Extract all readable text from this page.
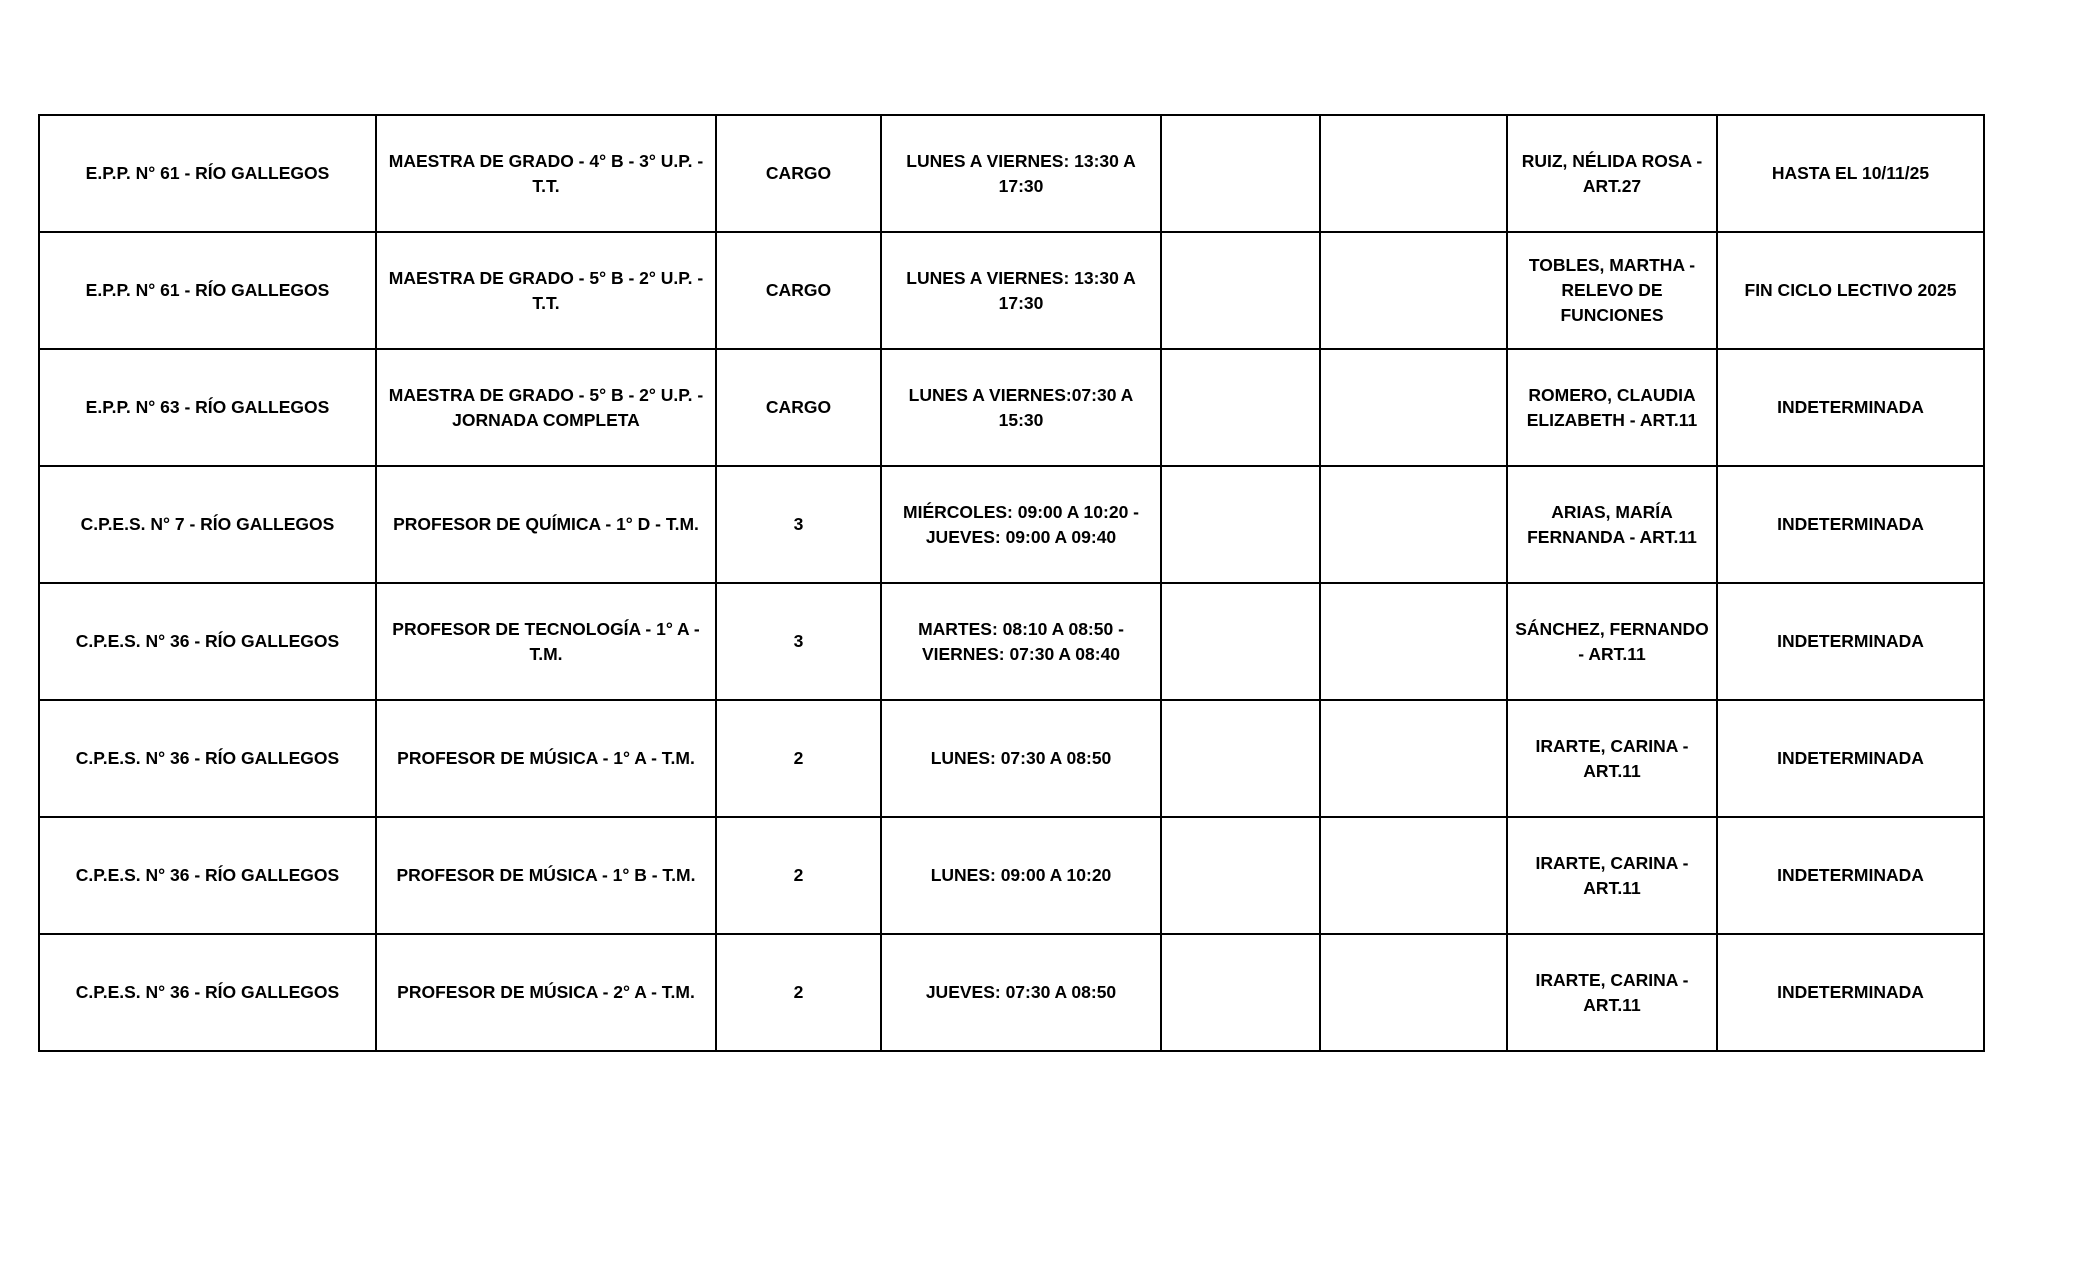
E.P.P. N° 61 - RÍO GALLEGOS	MAESTRA DE GRADO - 4° B - 3° U.P. - T.T.	CARGO	LUNES A VIERNES: 13:30 A 17:30			RUIZ, NÉLIDA ROSA - ART.27	HASTA EL 10/11/25
E.P.P. N° 61 - RÍO GALLEGOS	MAESTRA DE GRADO - 5° B - 2° U.P. - T.T.	CARGO	LUNES A VIERNES: 13:30 A 17:30			TOBLES, MARTHA - RELEVO DE FUNCIONES	FIN CICLO LECTIVO 2025
E.P.P. N° 63 - RÍO GALLEGOS	MAESTRA DE GRADO - 5° B - 2° U.P. - JORNADA COMPLETA	CARGO	LUNES A VIERNES:07:30 A 15:30			ROMERO, CLAUDIA ELIZABETH - ART.11	INDETERMINADA
C.P.E.S. N° 7 - RÍO GALLEGOS	PROFESOR DE QUÍMICA - 1° D - T.M.	3	MIÉRCOLES: 09:00 A 10:20 - JUEVES: 09:00 A 09:40			ARIAS, MARÍA FERNANDA - ART.11	INDETERMINADA
C.P.E.S. N° 36 - RÍO GALLEGOS	PROFESOR DE TECNOLOGÍA - 1° A - T.M.	3	MARTES: 08:10 A 08:50 - VIERNES: 07:30 A 08:40			SÁNCHEZ, FERNANDO - ART.11	INDETERMINADA
C.P.E.S. N° 36 - RÍO GALLEGOS	PROFESOR DE MÚSICA - 1° A - T.M.	2	LUNES: 07:30 A 08:50			IRARTE, CARINA - ART.11	INDETERMINADA
C.P.E.S. N° 36 - RÍO GALLEGOS	PROFESOR DE MÚSICA - 1° B - T.M.	2	LUNES: 09:00 A 10:20			IRARTE, CARINA - ART.11	INDETERMINADA
C.P.E.S. N° 36 - RÍO GALLEGOS	PROFESOR DE MÚSICA - 2° A - T.M.	2	JUEVES: 07:30 A 08:50			IRARTE, CARINA - ART.11	INDETERMINADA
